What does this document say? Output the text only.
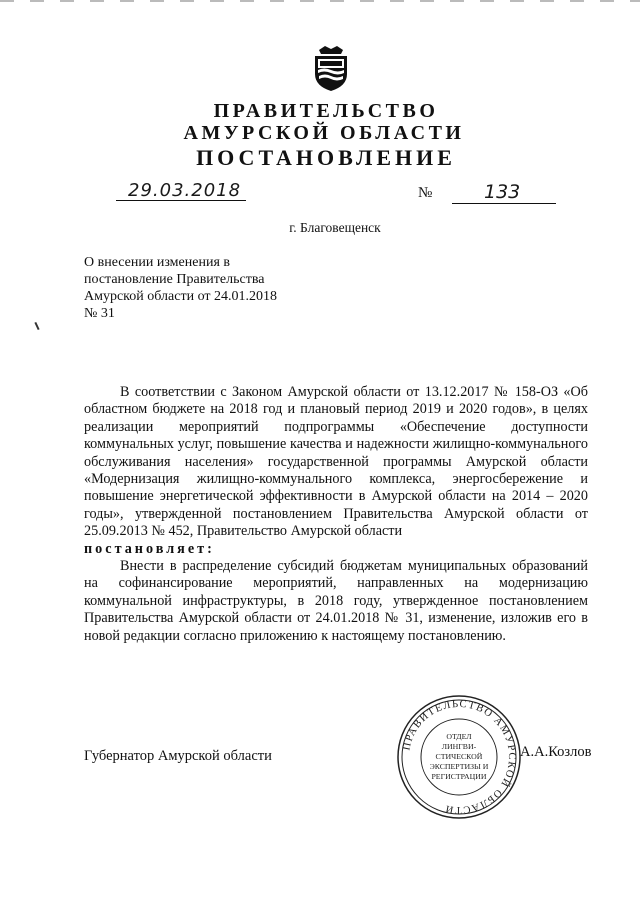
ПРАВИТЕЛЬСТВО
АМУРСКОЙ ОБЛАСТИ
ПОСТАНОВЛЕНИЕ
29.03.2018	№	133
г. Благовещенск
О внесении изменения в
постановление Правительства
Амурской области от 24.01.2018
№ 31
В соответствии с Законом Амурской области от 13.12.2017 № 158-ОЗ «Об областном бюджете на 2018 год и плановый период 2019 и 2020 годов», в целях реализации мероприятий подпрограммы «Обеспечение доступности коммунальных услуг, повышение качества и надежности жилищно-коммунального обслуживания населения» государственной программы Амурской области «Модернизация жилищно-коммунального комплекса, энергосбережение и повышение энергетической эффективности в Амурской области на 2014 – 2020 годы», утвержденной постановлением Правительства Амурской области от 25.09.2013 № 452, Правительство Амурской области
постановляет:
Внести в распределение субсидий бюджетам муниципальных образований на софинансирование мероприятий, направленных на модернизацию коммунальной инфраструктуры, в 2018 году, утвержденное постановлением Правительства Амурской области от 24.01.2018 № 31, изменение, изложив его в новой редакции согласно приложению к настоящему постановлению.
Губернатор Амурской области
ПРАВИТЕЛЬСТВО АМУРСКОЙ ОБЛАСТИ
ОТДЕЛ
ЛИНГВИ-
СТИЧЕСКОЙ
ЭКСПЕРТИЗЫ И
РЕГИСТРАЦИИ
А.А.Козлов
